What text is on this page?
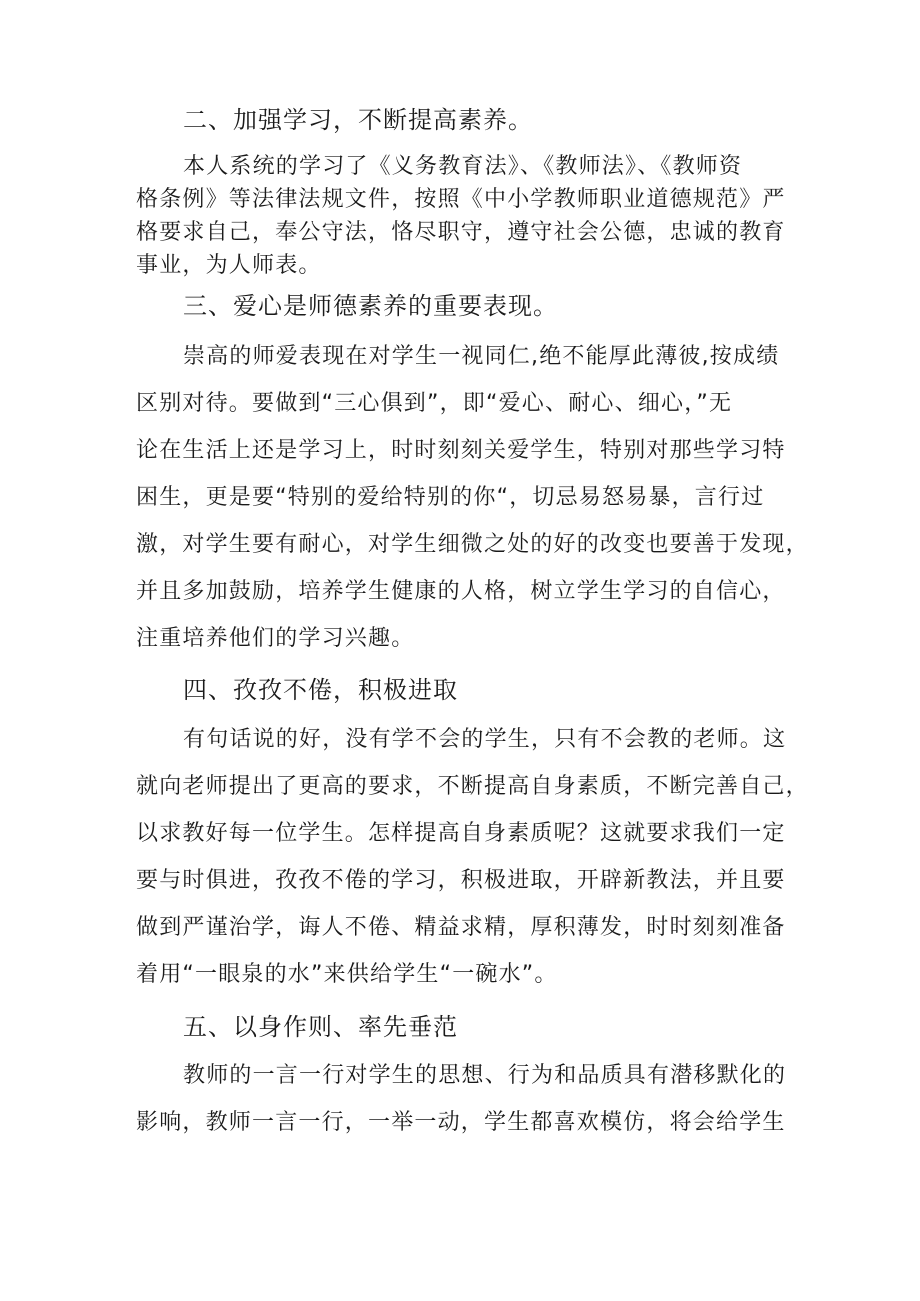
二、加强学习，不断提高素养。
本人系统的学习了《义务教育法》、《教师法》、《教师资
格条例》等法律法规文件，按照《中小学教师职业道德规范》严
格要求自己，奉公守法，恪尽职守，遵守社会公德，忠诚的教育
事业，为人师表。
三、爱心是师德素养的重要表现。
崇高的师爱表现在对学生一视同仁,绝不能厚此薄彼,按成绩
区别对待。要做到“三心俱到”，即“爱心、耐心、细心，”无
论在生活上还是学习上，时时刻刻关爱学生，特别对那些学习特
困生，更是要“特别的爱给特别的你“，切忌易怒易暴，言行过
激，对学生要有耐心，对学生细微之处的好的改变也要善于发现，
并且多加鼓励，培养学生健康的人格，树立学生学习的自信心，
注重培养他们的学习兴趣。
四、孜孜不倦，积极进取
有句话说的好，没有学不会的学生，只有不会教的老师。这
就向老师提出了更高的要求，不断提高自身素质，不断完善自己，
以求教好每一位学生。怎样提高自身素质呢？这就要求我们一定
要与时俱进，孜孜不倦的学习，积极进取，开辟新教法，并且要
做到严谨治学，诲人不倦、精益求精，厚积薄发，时时刻刻准备
着用“一眼泉的水”来供给学生“一碗水”。
五、以身作则、率先垂范
教师的一言一行对学生的思想、行为和品质具有潜移默化的
影响，教师一言一行，一举一动，学生都喜欢模仿，将会给学生
